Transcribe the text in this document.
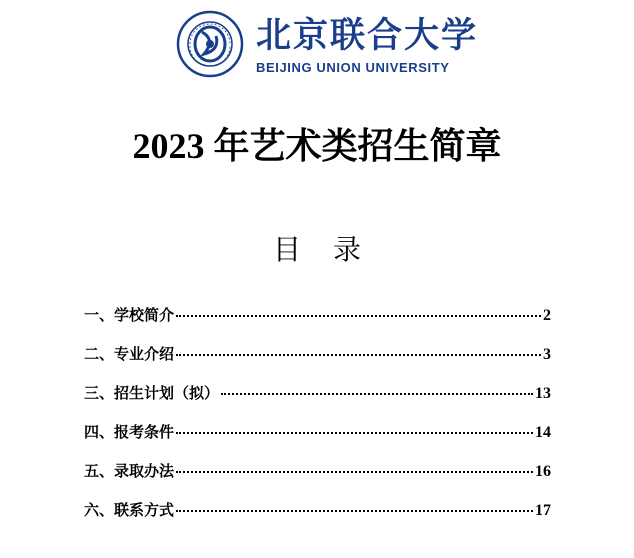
北京联合大学
BEIJING UNION UNIVERSITY
2023 年艺术类招生简章
目录
一、学校简介	2
二、专业介绍	3
三、招生计划（拟）	13
四、报考条件	14
五、录取办法	16
六、联系方式	17
